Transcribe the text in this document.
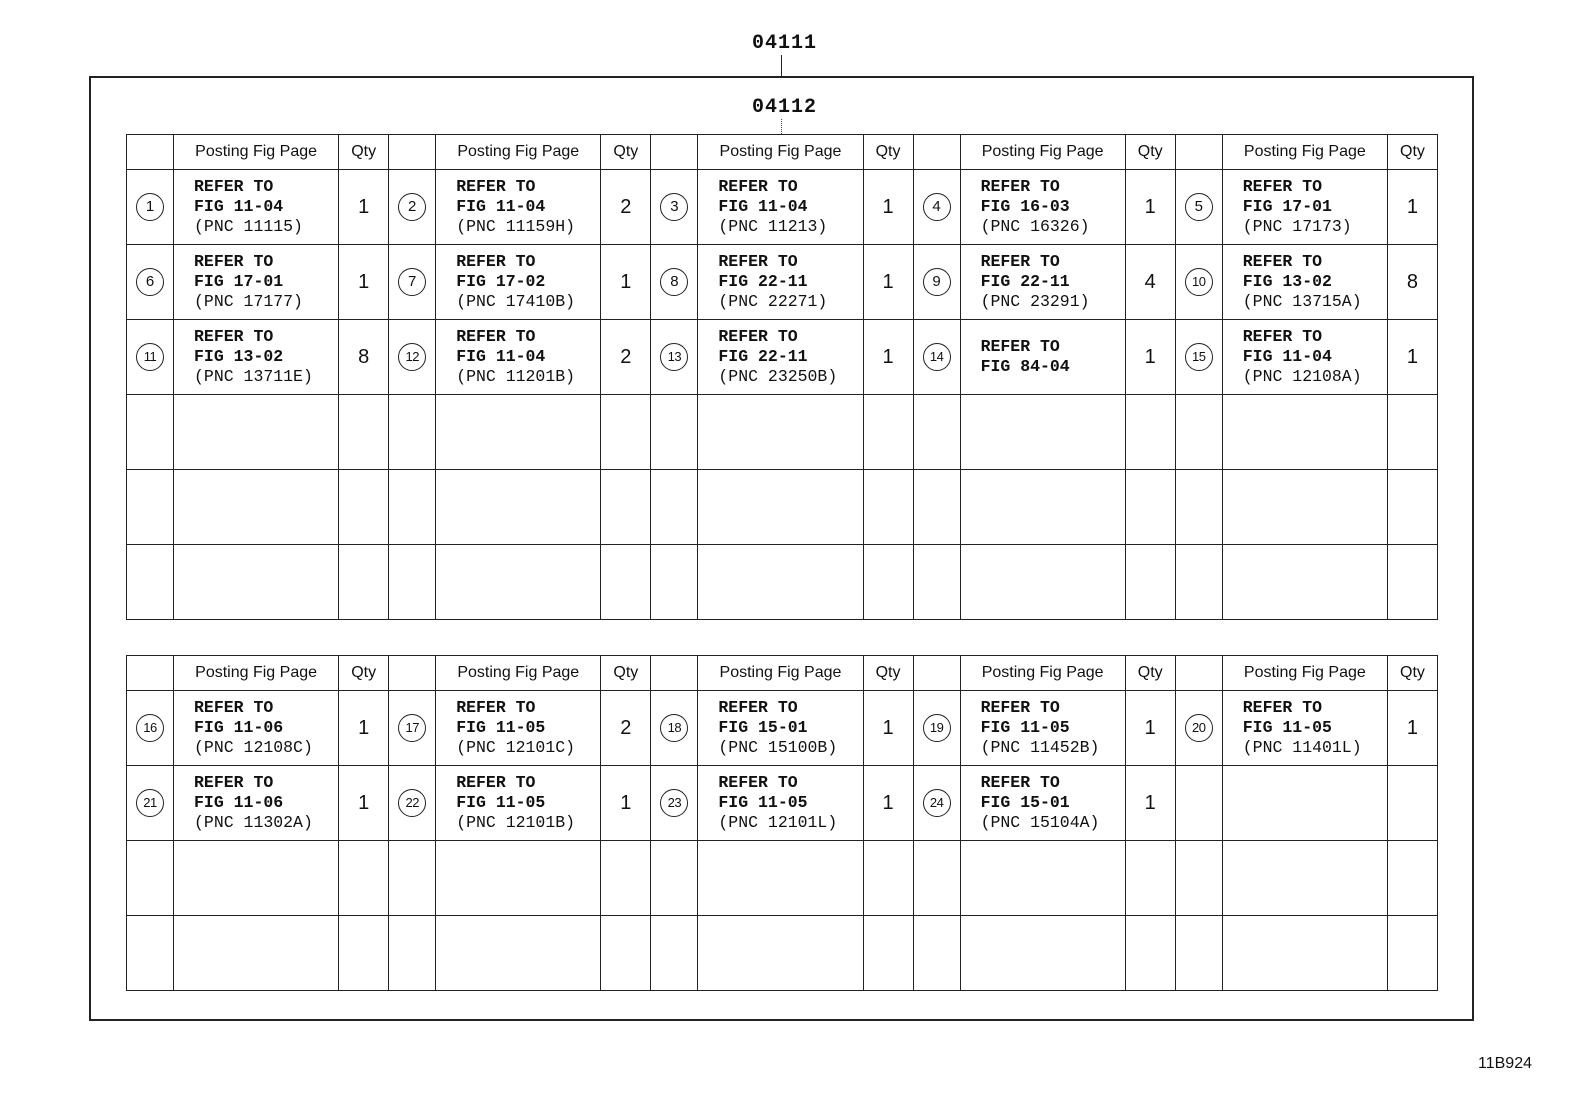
04111
04112
	Posting Fig Page	Qty		Posting Fig Page	Qty		Posting Fig Page	Qty		Posting Fig Page	Qty		Posting Fig Page	Qty
1	REFER TO
FIG 11-04
(PNC 11115)	1	2	REFER TO
FIG 11-04
(PNC 11159H)	2	3	REFER TO
FIG 11-04
(PNC 11213)	1	4	REFER TO
FIG 16-03
(PNC 16326)	1	5	REFER TO
FIG 17-01
(PNC 17173)	1
6	REFER TO
FIG 17-01
(PNC 17177)	1	7	REFER TO
FIG 17-02
(PNC 17410B)	1	8	REFER TO
FIG 22-11
(PNC 22271)	1	9	REFER TO
FIG 22-11
(PNC 23291)	4	10	REFER TO
FIG 13-02
(PNC 13715A)	8
11	REFER TO
FIG 13-02
(PNC 13711E)	8	12	REFER TO
FIG 11-04
(PNC 11201B)	2	13	REFER TO
FIG 22-11
(PNC 23250B)	1	14	REFER TO
FIG 84-04	1	15	REFER TO
FIG 11-04
(PNC 12108A)	1

	Posting Fig Page	Qty		Posting Fig Page	Qty		Posting Fig Page	Qty		Posting Fig Page	Qty		Posting Fig Page	Qty
16	REFER TO
FIG 11-06
(PNC 12108C)	1	17	REFER TO
FIG 11-05
(PNC 12101C)	2	18	REFER TO
FIG 15-01
(PNC 15100B)	1	19	REFER TO
FIG 11-05
(PNC 11452B)	1	20	REFER TO
FIG 11-05
(PNC 11401L)	1
21	REFER TO
FIG 11-06
(PNC 11302A)	1	22	REFER TO
FIG 11-05
(PNC 12101B)	1	23	REFER TO
FIG 11-05
(PNC 12101L)	1	24	REFER TO
FIG 15-01
(PNC 15104A)	1			

11B924
